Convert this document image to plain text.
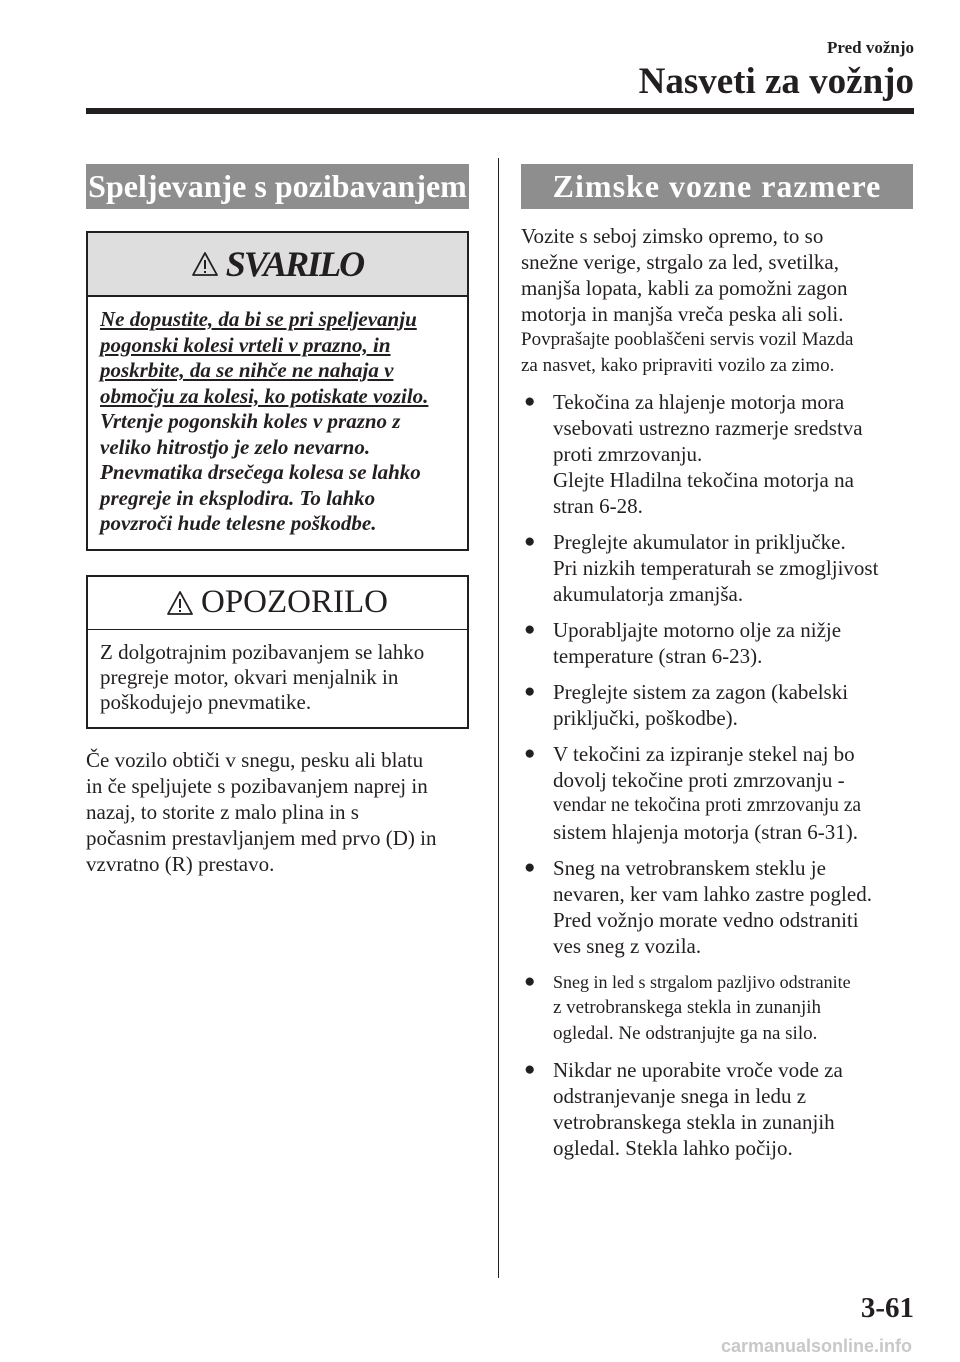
Pred vožnjo
Nasveti za vožnjo
Speljevanje s pozibavanjem
SVARILO
Ne dopustite, da bi se pri speljevanju
pogonski kolesi vrteli v prazno, in
poskrbite, da se nihče ne nahaja v
območju za kolesi, ko potiskate vozilo.
Vrtenje pogonskih koles v prazno z
veliko hitrostjo je zelo nevarno.
Pnevmatika drsečega kolesa se lahko
pregreje in eksplodira. To lahko
povzroči hude telesne poškodbe.
OPOZORILO
Z dolgotrajnim pozibavanjem se lahko
pregreje motor, okvari menjalnik in
poškodujejo pnevmatike.

Če vozilo obtiči v snegu, pesku ali blatu
in če speljujete s pozibavanjem naprej in
nazaj, to storite z malo plina in s
počasnim prestavljanjem med prvo (D) in
vzvratno (R) prestavo.

Zimske vozne razmere

Vozite s seboj zimsko opremo, to so
snežne verige, strgalo za led, svetilka,
manjša lopata, kabli za pomožni zagon
motorja in manjša vreča peska ali soli.
Povprašajte pooblaščeni servis vozil Mazda
za nasvet, kako pripraviti vozilo za zimo.

● Tekočina za hlajenje motorja mora
vsebovati ustrezno razmerje sredstva
proti zmrzovanju.
Glejte Hladilna tekočina motorja na
stran 6-28.
● Preglejte akumulator in priključke.
Pri nizkih temperaturah se zmogljivost
akumulatorja zmanjša.
● Uporabljajte motorno olje za nižje
temperature (stran 6-23).
● Preglejte sistem za zagon (kabelski
priključki, poškodbe).
● V tekočini za izpiranje stekel naj bo
dovolj tekočine proti zmrzovanju -
vendar ne tekočina proti zmrzovanju za
sistem hlajenja motorja (stran 6-31).
● Sneg na vetrobranskem steklu je
nevaren, ker vam lahko zastre pogled.
Pred vožnjo morate vedno odstraniti
ves sneg z vozila.
● Sneg in led s strgalom pazljivo odstranite
z vetrobranskega stekla in zunanjih
ogledal. Ne odstranjujte ga na silo.
● Nikdar ne uporabite vroče vode za
odstranjevanje snega in ledu z
vetrobranskega stekla in zunanjih
ogledal. Stekla lahko počijo.
3-61
carmanualsonline.info
